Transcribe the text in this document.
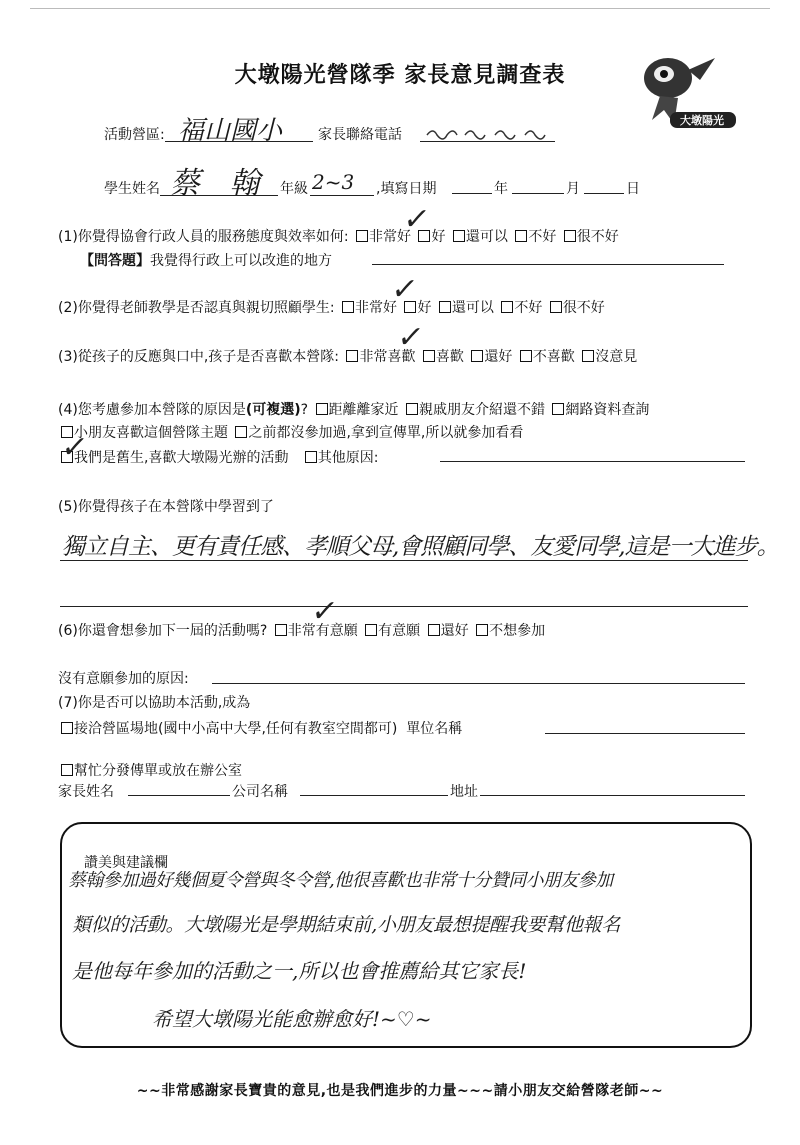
大墩陽光營隊季 家長意見調查表
大墩陽光
活動營區: 福山國小	家長聯絡電話
學生姓名 蔡 翰 年級 2~3 ,填寫日期	年	月	日
(1)你覺得協會行政人員的服務態度與效率如何: 非常好 好 還可以 不好 很不好
✓
【問答題】我覺得行政上可以改進的地方
(2)你覺得老師教學是否認真與親切照顧學生: 非常好 好 還可以 不好 很不好
✓
(3)從孩子的反應與口中,孩子是否喜歡本營隊: 非常喜歡 喜歡 還好 不喜歡 沒意見
✓
(4)您考慮參加本營隊的原因是(可複選)? 距離離家近 親戚朋友介紹還不錯 網路資料查詢
小朋友喜歡這個營隊主題 之前都沒參加過,拿到宣傳單,所以就參加看看
我們是舊生,喜歡大墩陽光辦的活動 其他原因:
✓
(5)你覺得孩子在本營隊中學習到了
獨立自主、更有責任感、孝順父母,會照顧同學、友愛同學,這是一大進步。
(6)你還會想參加下一屆的活動嗎? 非常有意願 有意願 還好 不想參加
✓
沒有意願參加的原因:
(7)你是否可以協助本活動,成為
接洽營區場地(國中小高中大學,任何有教室空間都可) 單位名稱
幫忙分發傳單或放在辦公室
家長姓名	公司名稱	地址
讚美與建議欄
蔡翰參加過好幾個夏令營與冬令營,他很喜歡也非常十分贊同小朋友參加
類似的活動。大墩陽光是學期結束前,小朋友最想提醒我要幫他報名
是他每年參加的活動之一,所以也會推薦給其它家長!
希望大墩陽光能愈辦愈好!~♡~
~~非常感謝家長寶貴的意見,也是我們進步的力量~~~請小朋友交給營隊老師~~
